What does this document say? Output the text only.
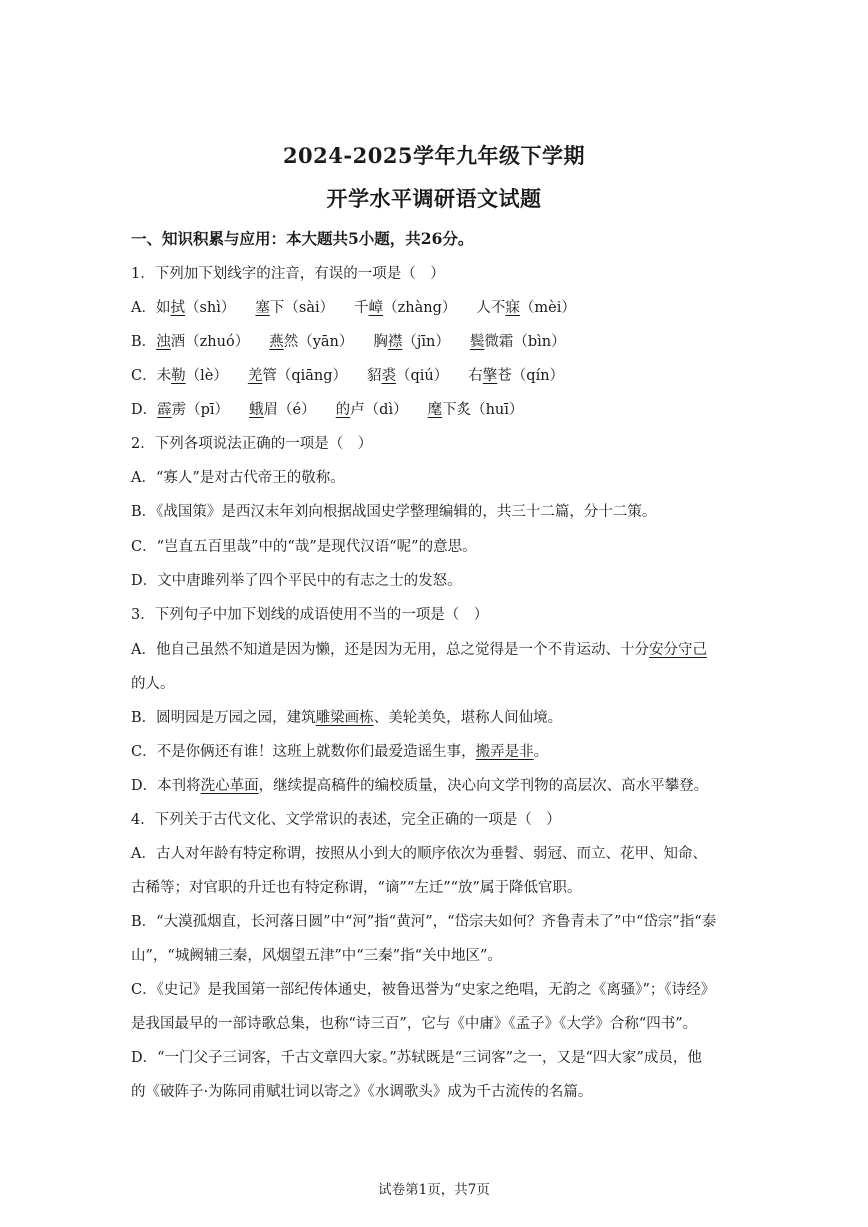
2024-2025学年九年级下学期
开学水平调研语文试题
一、知识积累与应用：本大题共5小题，共26分。
1．下列加下划线字的注音，有误的一项是（　）
A．如拭（shì） 塞下（sài） 千嶂（zhàng） 人不寐（mèi）
B．浊酒（zhuó） 燕然（yān） 胸襟（jīn） 鬓微霜（bìn）
C．未勒（lè） 羌管（qiāng） 貂裘（qiú） 右擎苍（qín）
D．霹雳（pī） 蛾眉（é） 的卢（dì） 麾下炙（huī）
2．下列各项说法正确的一项是（　）
A．“寡人”是对古代帝王的敬称。
B．《战国策》是西汉末年刘向根据战国史学整理编辑的，共三十二篇，分十二策。
C．“岂直五百里哉”中的“哉”是现代汉语“呢”的意思。
D．文中唐雎列举了四个平民中的有志之士的发怒。
3．下列句子中加下划线的成语使用不当的一项是（　）
A．他自己虽然不知道是因为懒，还是因为无用，总之觉得是一个不肯运动、十分安分守己
的人。
B．圆明园是万园之园，建筑雕梁画栋、美轮美奂，堪称人间仙境。
C．不是你俩还有谁！这班上就数你们最爱造谣生事，搬弄是非。
D．本刊将洗心革面，继续提高稿件的编校质量，决心向文学刊物的高层次、高水平攀登。
4．下列关于古代文化、文学常识的表述，完全正确的一项是（　）
A．古人对年龄有特定称谓，按照从小到大的顺序依次为垂髫、弱冠、而立、花甲、知命、
古稀等；对官职的升迁也有特定称谓，“谪”“左迁”“放”属于降低官职。
B．“大漠孤烟直，长河落日圆”中“河”指“黄河”，“岱宗夫如何？齐鲁青未了”中“岱宗”指“泰
山”，“城阙辅三秦，风烟望五津”中“三秦”指“关中地区”。
C．《史记》是我国第一部纪传体通史，被鲁迅誉为“史家之绝唱，无韵之《离骚》”；《诗经》
是我国最早的一部诗歌总集，也称“诗三百”，它与《中庸》《孟子》《大学》合称“四书”。
D．“一门父子三词客，千古文章四大家。”苏轼既是“三词客”之一，又是“四大家”成员，他
的《破阵子·为陈同甫赋壮词以寄之》《水调歌头》成为千古流传的名篇。
试卷第1页，共7页
